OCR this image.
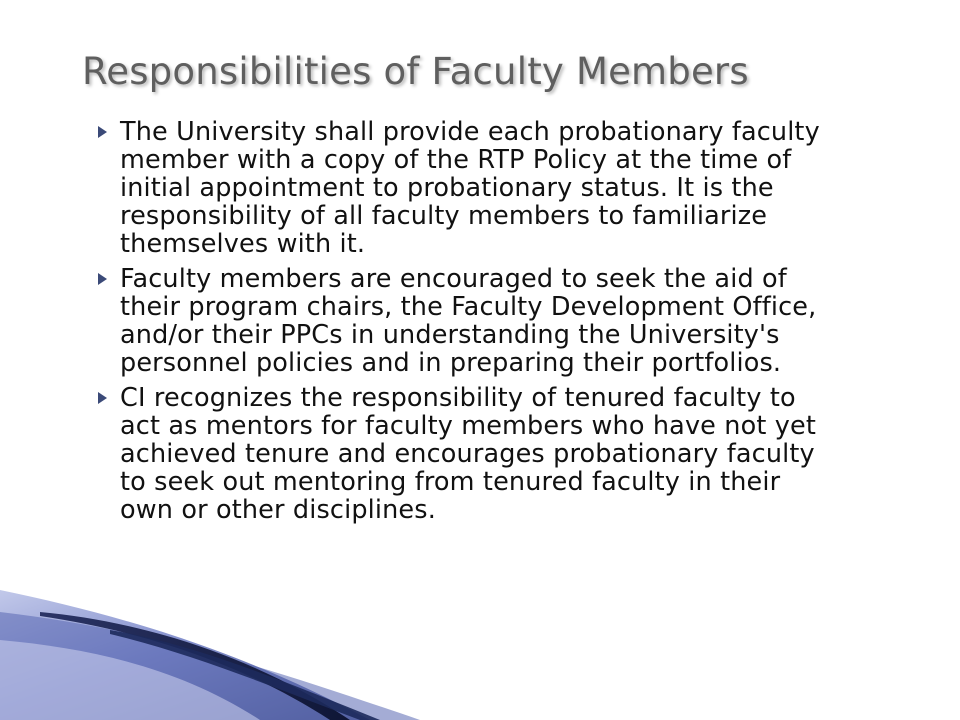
Responsibilities of Faculty Members
The University shall provide each probationary faculty member with a copy of the RTP Policy at the time of initial appointment to probationary status. It is the responsibility of all faculty members to familiarize themselves with it.
Faculty members are encouraged to seek the aid of their program chairs, the Faculty Development Office, and/or their PPCs in understanding the University's personnel policies and in preparing their portfolios.
CI recognizes the responsibility of tenured faculty to act as mentors for faculty members who have not yet achieved tenure and encourages probationary faculty to seek out mentoring from tenured faculty in their own or other disciplines.
